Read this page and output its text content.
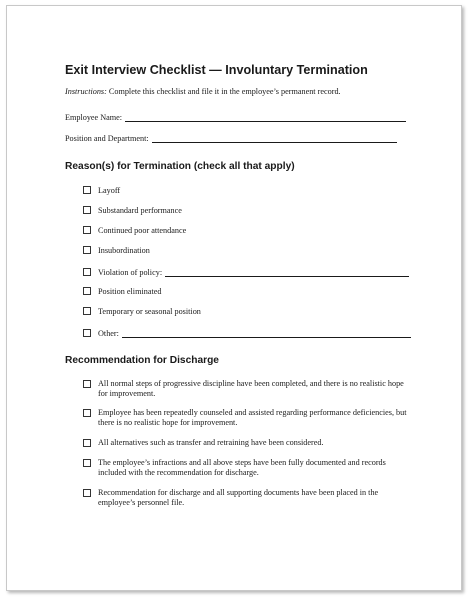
Exit Interview Checklist — Involuntary Termination
Instructions: Complete this checklist and file it in the employee’s permanent record.
Employee Name:
Position and Department:
Reason(s) for Termination (check all that apply)
Layoff
Substandard performance
Continued poor attendance
Insubordination
Violation of policy:
Position eliminated
Temporary or seasonal position
Other:
Recommendation for Discharge
All normal steps of progressive discipline have been completed, and there is no realistic hope for improvement.
Employee has been repeatedly counseled and assisted regarding performance deficiencies, but there is no realistic hope for improvement.
All alternatives such as transfer and retraining have been considered.
The employee’s infractions and all above steps have been fully documented and records included with the recommendation for discharge.
Recommendation for discharge and all supporting documents have been placed in the employee’s personnel file.
